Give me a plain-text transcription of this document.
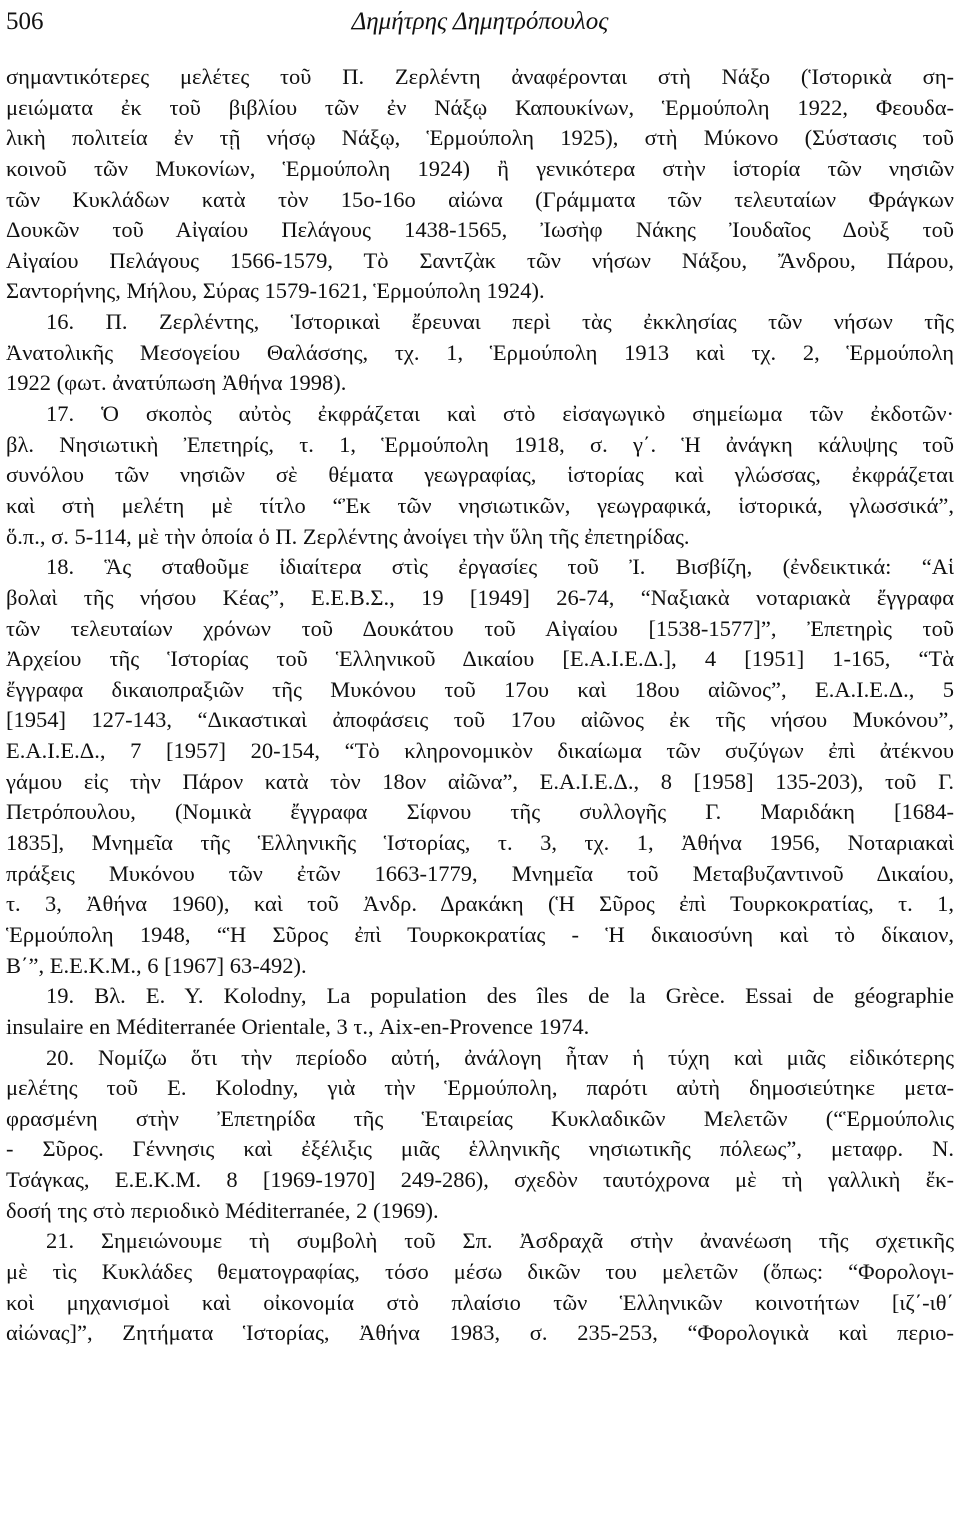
506	Δημήτρης Δημητρόπουλος
σημαντικότερες μελέτες τοῦ Π. Ζερλέντη ἀναφέρονται στὴ Νάξο (Ἱστορικὰ ση-
μειώματα ἐκ τοῦ βιβλίου τῶν ἐν Νάξῳ Καπουκίνων, Ἑρμούπολη 1922, Φεουδα-
λικὴ πολιτεία ἐν τῇ νήσῳ Νάξῳ, Ἑρμούπολη 1925), στὴ Μύκονο (Σύστασις τοῦ
κοινοῦ τῶν Μυκονίων, Ἑρμούπολη 1924) ἢ γενικότερα στὴν ἱστορία τῶν νησιῶν
τῶν Κυκλάδων κατὰ τὸν 15ο-16ο αἰώνα (Γράμματα τῶν τελευταίων Φράγκων
Δουκῶν τοῦ Αἰγαίου Πελάγους 1438-1565, Ἰωσὴφ Νάκης Ἰουδαῖος Δοὺξ τοῦ
Αἰγαίου Πελάγους 1566-1579, Τὸ Σαντζὰκ τῶν νήσων Νάξου, Ἄνδρου, Πάρου,
Σαντορήνης, Μήλου, Σύρας 1579-1621, Ἑρμούπολη 1924).
16. Π. Ζερλέντης, Ἱστορικαὶ ἔρευναι περὶ τὰς ἐκκλησίας τῶν νήσων τῆς
Ἀνατολικῆς Μεσογείου Θαλάσσης, τχ. 1, Ἑρμούπολη 1913 καὶ τχ. 2, Ἑρμούπολη
1922 (φωτ. ἀνατύπωση Ἀθήνα 1998).
17. Ὁ σκοπὸς αὐτὸς ἐκφράζεται καὶ στὸ εἰσαγωγικὸ σημείωμα τῶν ἐκδοτῶν·
βλ. Νησιωτικὴ Ἐπετηρίς, τ. 1, Ἑρμούπολη 1918, σ. γ΄. Ἡ ἀνάγκη κάλυψης τοῦ
συνόλου τῶν νησιῶν σὲ θέματα γεωγραφίας, ἱστορίας καὶ γλώσσας, ἐκφράζεται
καὶ στὴ μελέτη μὲ τίτλο “Ἐκ τῶν νησιωτικῶν, γεωγραφικά, ἱστορικά, γλωσσικά”,
ὅ.π., σ. 5-114, μὲ τὴν ὁποία ὁ Π. Ζερλέντης ἀνοίγει τὴν ὕλη τῆς ἐπετηρίδας.
18. Ἃς σταθοῦμε ἰδιαίτερα στὶς ἐργασίες τοῦ Ἰ. Βισβίζη, (ἐνδεικτικά: “Αἱ
βολαὶ τῆς νήσου Κέας”, Ε.Ε.Β.Σ., 19 [1949] 26-74, “Ναξιακὰ νοταριακὰ ἔγγραφα
τῶν τελευταίων χρόνων τοῦ Δουκάτου τοῦ Αἰγαίου [1538-1577]”, Ἐπετηρὶς τοῦ
Ἀρχείου τῆς Ἱστορίας τοῦ Ἑλληνικοῦ Δικαίου [Ε.Α.Ι.Ε.Δ.], 4 [1951] 1-165, “Τὰ
ἔγγραφα δικαιοπραξιῶν τῆς Μυκόνου τοῦ 17ου καὶ 18ου αἰῶνος”, Ε.Α.Ι.Ε.Δ., 5
[1954] 127-143, “Δικαστικαὶ ἀποφάσεις τοῦ 17ου αἰῶνος ἐκ τῆς νήσου Μυκόνου”,
Ε.Α.Ι.Ε.Δ., 7 [1957] 20-154, “Τὸ κληρονομικὸν δικαίωμα τῶν συζύγων ἐπὶ ἀτέκνου
γάμου εἰς τὴν Πάρον κατὰ τὸν 18ον αἰῶνα”, Ε.Α.Ι.Ε.Δ., 8 [1958] 135-203), τοῦ Γ.
Πετρόπουλου, (Νομικὰ ἔγγραφα Σίφνου τῆς συλλογῆς Γ. Μαριδάκη [1684-
1835], Μνημεῖα τῆς Ἑλληνικῆς Ἱστορίας, τ. 3, τχ. 1, Ἀθήνα 1956, Νοταριακαὶ
πράξεις Μυκόνου τῶν ἐτῶν 1663-1779, Μνημεῖα τοῦ Μεταβυζαντινοῦ Δικαίου,
τ. 3, Ἀθήνα 1960), καὶ τοῦ Ἀνδρ. Δρακάκη (Ἡ Σῦρος ἐπὶ Τουρκοκρατίας, τ. 1,
Ἑρμούπολη 1948, “Ἡ Σῦρος ἐπὶ Τουρκοκρατίας - Ἡ δικαιοσύνη καὶ τὸ δίκαιον,
Β΄”, Ε.Ε.Κ.Μ., 6 [1967] 63-492).
19. Βλ. Ε. Υ. Kolodny, La population des îles de la Grèce. Essai de géographie
insulaire en Méditerranée Orientale, 3 τ., Aix-en-Provence 1974.
20. Νομίζω ὅτι τὴν περίοδο αὐτή, ἀνάλογη ἦταν ἡ τύχη καὶ μιᾶς εἰδικότερης
μελέτης τοῦ Ε. Kolodny, γιὰ τὴν Ἑρμούπολη, παρότι αὐτὴ δημοσιεύτηκε μετα-
φρασμένη στὴν Ἐπετηρίδα τῆς Ἑταιρείας Κυκλαδικῶν Μελετῶν (“Ἑρμούπολις
- Σῦρος. Γέννησις καὶ ἐξέλιξις μιᾶς ἑλληνικῆς νησιωτικῆς πόλεως”, μεταφρ. Ν.
Τσάγκας, Ε.Ε.Κ.Μ. 8 [1969-1970] 249-286), σχεδὸν ταυτόχρονα μὲ τὴ γαλλικὴ ἔκ-
δοσή της στὸ περιοδικὸ Méditerranée, 2 (1969).
21. Σημειώνουμε τὴ συμβολὴ τοῦ Σπ. Ἀσδραχᾶ στὴν ἀνανέωση τῆς σχετικῆς
μὲ τὶς Κυκλάδες θεματογραφίας, τόσο μέσω δικῶν του μελετῶν (ὅπως: “Φορολογι-
κοὶ μηχανισμοὶ καὶ οἰκονομία στὸ πλαίσιο τῶν Ἑλληνικῶν κοινοτήτων [ιζ΄-ιθ΄
αἰώνας]”, Ζητήματα Ἱστορίας, Ἀθήνα 1983, σ. 235-253, “Φορολογικὰ καὶ περιο-
